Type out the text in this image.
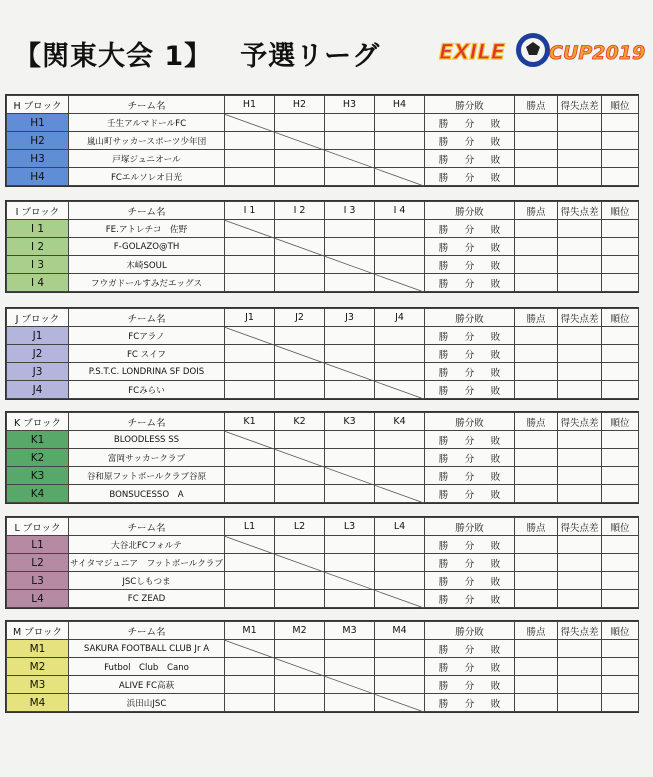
【関東大会 1】 予選リーグ	EXILE CUP2019
H ブロック	チーム名	H1	H2	H3	H4	勝分敗	勝点	得失点差	順位
H1	壬生アルマドールFC					勝 分 敗			
H2	嵐山町サッカースポーツ少年団					勝 分 敗			
H3	戸塚ジュニオール					勝 分 敗			
H4	FCエルソレオ日光					勝 分 敗			
I ブロック	チーム名	I 1	I 2	I 3	I 4	勝分敗	勝点	得失点差	順位
I 1	FE.アトレチコ　佐野					勝 分 敗			
I 2	F-GOLAZO@TH					勝 分 敗			
I 3	木崎SOUL					勝 分 敗			
I 4	フウガドールすみだエッグス					勝 分 敗			
J ブロック	チーム名	J1	J2	J3	J4	勝分敗	勝点	得失点差	順位
J1	FCアラノ					勝 分 敗			
J2	FC スイフ					勝 分 敗			
J3	P.S.T.C. LONDRINA SF DOIS					勝 分 敗			
J4	FCみらい					勝 分 敗			
K ブロック	チーム名	K1	K2	K3	K4	勝分敗	勝点	得失点差	順位
K1	BLOODLESS SS					勝 分 敗			
K2	富岡サッカークラブ					勝 分 敗			
K3	谷和原フットボールクラブ谷原					勝 分 敗			
K4	BONSUCESSO　A					勝 分 敗			
L ブロック	チーム名	L1	L2	L3	L4	勝分敗	勝点	得失点差	順位
L1	大谷北FCフォルテ					勝 分 敗			
L2	サイタマジュニア　フットボールクラブ					勝 分 敗			
L3	JSCしもつま					勝 分 敗			
L4	FC ZEAD					勝 分 敗			
M ブロック	チーム名	M1	M2	M3	M4	勝分敗	勝点	得失点差	順位
M1	SAKURA FOOTBALL CLUB Jr A					勝 分 敗			
M2	Futbol　Club　Cano					勝 分 敗			
M3	ALIVE FC高萩					勝 分 敗			
M4	浜田山JSC					勝 分 敗			
